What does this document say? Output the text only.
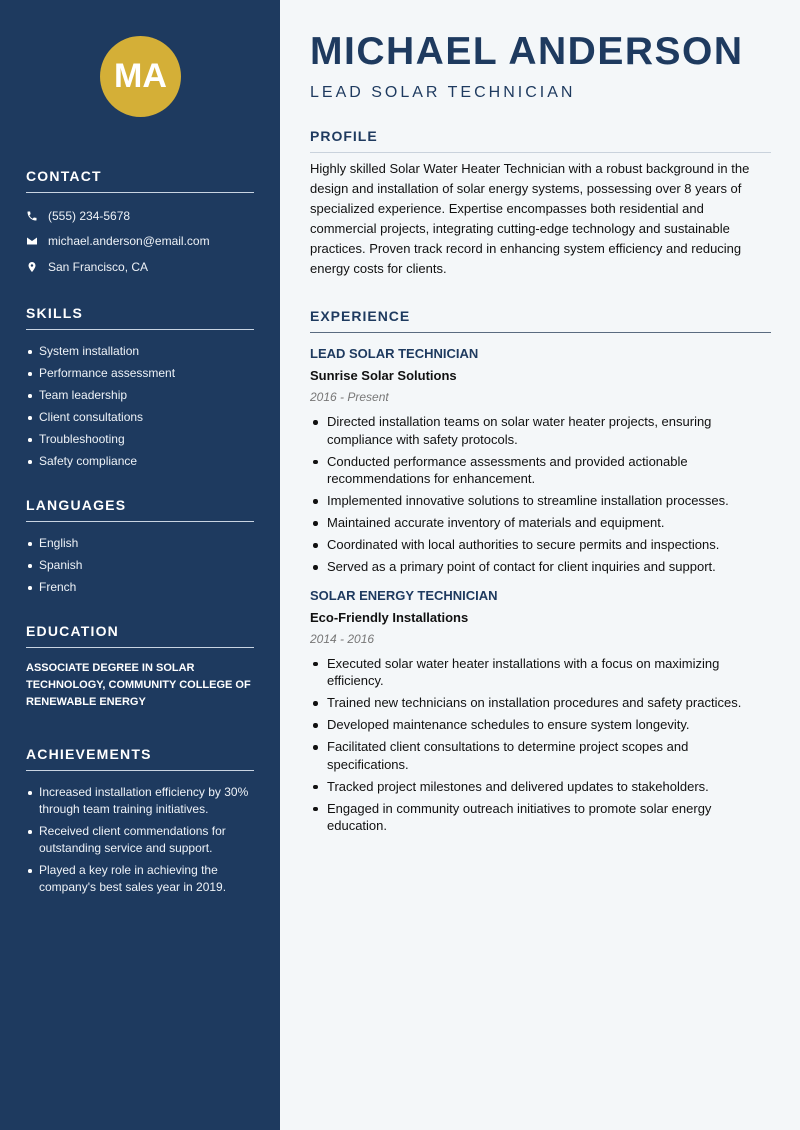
MA
CONTACT
(555) 234-5678
michael.anderson@email.com
San Francisco, CA
SKILLS
System installation
Performance assessment
Team leadership
Client consultations
Troubleshooting
Safety compliance
LANGUAGES
English
Spanish
French
EDUCATION
ASSOCIATE DEGREE IN SOLAR TECHNOLOGY, COMMUNITY COLLEGE OF RENEWABLE ENERGY
ACHIEVEMENTS
Increased installation efficiency by 30% through team training initiatives.
Received client commendations for outstanding service and support.
Played a key role in achieving the company's best sales year in 2019.
MICHAEL ANDERSON
LEAD SOLAR TECHNICIAN
PROFILE
Highly skilled Solar Water Heater Technician with a robust background in the design and installation of solar energy systems, possessing over 8 years of specialized experience. Expertise encompasses both residential and commercial projects, integrating cutting-edge technology and sustainable practices. Proven track record in enhancing system efficiency and reducing energy costs for clients.
EXPERIENCE
LEAD SOLAR TECHNICIAN
Sunrise Solar Solutions
2016 - Present
Directed installation teams on solar water heater projects, ensuring compliance with safety protocols.
Conducted performance assessments and provided actionable recommendations for enhancement.
Implemented innovative solutions to streamline installation processes.
Maintained accurate inventory of materials and equipment.
Coordinated with local authorities to secure permits and inspections.
Served as a primary point of contact for client inquiries and support.
SOLAR ENERGY TECHNICIAN
Eco-Friendly Installations
2014 - 2016
Executed solar water heater installations with a focus on maximizing efficiency.
Trained new technicians on installation procedures and safety practices.
Developed maintenance schedules to ensure system longevity.
Facilitated client consultations to determine project scopes and specifications.
Tracked project milestones and delivered updates to stakeholders.
Engaged in community outreach initiatives to promote solar energy education.
